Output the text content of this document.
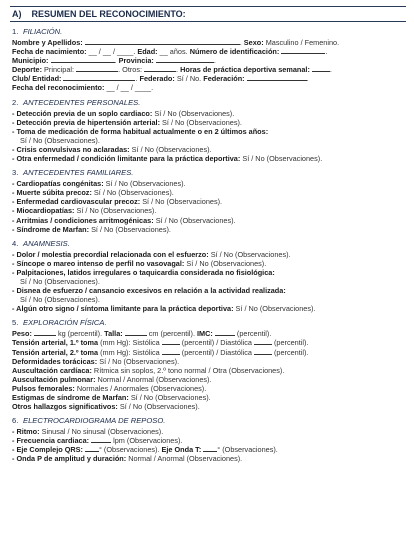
A) RESUMEN DEL RECONOCIMIENTO:
1. FILIACIÓN.
Nombre y Apellidos:	. Sexo: Masculino / Femenino.
Fecha de nacimiento: __ / __ / ____. Edad: __ años. Número de identificación:	.
Municipio:	. Provincia:	.
Deporte: Principal:	. Otros:	. Horas de práctica deportiva semanal:	.
Club/ Entidad:	. Federado: Sí / No. Federación:	.
Fecha del reconocimiento: __ / __ / ____.
2. ANTECEDENTES PERSONALES.
- Detección previa de un soplo cardiaco: Sí / No (Observaciones).
- Detección previa de hipertensión arterial: Sí / No (Observaciones).
- Toma de medicación de forma habitual actualmente o en 2 últimos años:
Sí / No (Observaciones).
- Crisis convulsivas no aclaradas: Sí / No (Observaciones).
- Otra enfermedad / condición limitante para la práctica deportiva: Sí / No (Observaciones).
3. ANTECEDENTES FAMILIARES.
- Cardiopatías congénitas: Sí / No (Observaciones).
- Muerte súbita precoz: Sí / No (Observaciones).
- Enfermedad cardiovascular precoz: Sí / No (Observaciones).
- Miocardiopatías: Sí / No (Observaciones).
- Arritmias / condiciones arritmogénicas: Sí / No (Observaciones).
- Síndrome de Marfan: Sí / No (Observaciones).
4. ANAMNESIS.
- Dolor / molestia precordial relacionada con el esfuerzo: Sí / No (Observaciones).
- Síncope o mareo intenso de perfil no vasovagal: Sí / No (Observaciones).
- Palpitaciones, latidos irregulares o taquicardia considerada no fisiológica:
Sí / No (Observaciones).
- Disnea de esfuerzo / cansancio excesivos en relación a la actividad realizada:
Sí / No (Observaciones).
- Algún otro signo / síntoma limitante para la práctica deportiva: Sí / No (Observaciones).
5. EXPLORACIÓN FÍSICA.
Peso:	kg (percentil). Talla:	cm (percentil). IMC:	(percentil).
Tensión arterial, 1.º toma (mm Hg): Sistólica	(percentil) / Diastólica	(percentil).
Tensión arterial, 2.º toma (mm Hg): Sistólica	(percentil) / Diastólica	(percentil).
Deformidades torácicas: Sí / No (Observaciones).
Auscultación cardíaca: Rítmica sin soplos, 2.º tono normal / Otra (Observaciones).
Auscultación pulmonar: Normal / Anormal (Observaciones).
Pulsos femorales: Normales / Anormales (Observaciones).
Estigmas de síndrome de Marfan: Sí / No (Observaciones).
Otros hallazgos significativos: Sí / No (Observaciones).
6. ELECTROCARDIOGRAMA DE REPOSO.
- Ritmo: Sinusal / No sinusal (Observaciones).
- Frecuencia cardiaca:	lpm (Observaciones).
- Eje Complejo QRS: ° (Observaciones). Eje Onda T: ° (Observaciones).
- Onda P de amplitud y duración: Normal / Anormal (Observaciones).
